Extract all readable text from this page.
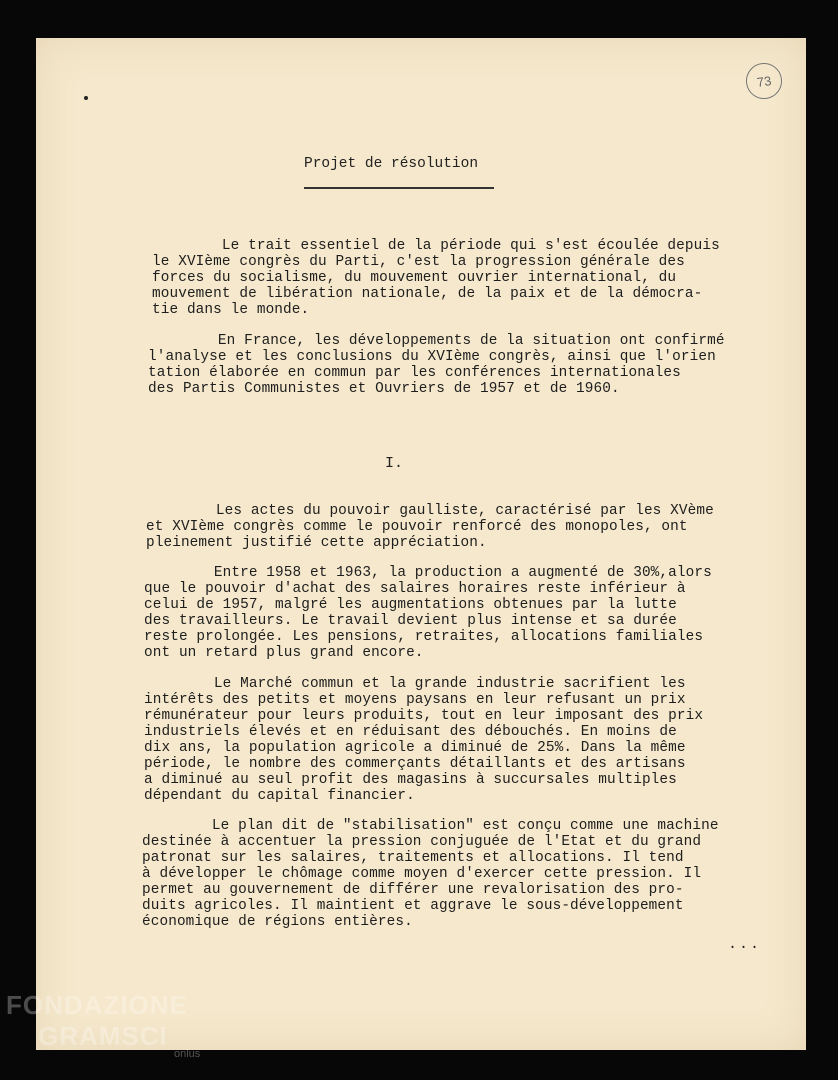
73
Projet de résolution
Le trait essentiel de la période qui s'est écoulée depuis
le XVIème congrès du Parti, c'est la progression générale des
forces du socialisme, du mouvement ouvrier international, du
mouvement de libération nationale, de la paix et de la démocra-
tie dans le monde.
En France, les développements de la situation ont confirmé
l'analyse et les conclusions du XVIème congrès, ainsi que l'orien
tation élaborée en commun par les conférences internationales
des Partis Communistes et Ouvriers de 1957 et de 1960.
I.
Les actes du pouvoir gaulliste, caractérisé par les XVème
et XVIème congrès comme le pouvoir renforcé des monopoles, ont
pleinement justifié cette appréciation.
Entre 1958 et 1963, la production a augmenté de 30%,alors
que le pouvoir d'achat des salaires horaires reste inférieur à
celui de 1957, malgré les augmentations obtenues par la lutte
des travailleurs. Le travail devient plus intense et sa durée
reste prolongée. Les pensions, retraites, allocations familiales
ont un retard plus grand encore.
Le Marché commun et la grande industrie sacrifient les
intérêts des petits et moyens paysans en leur refusant un prix
rémunérateur pour leurs produits, tout en leur imposant des prix
industriels élevés et en réduisant des débouchés. En moins de
dix ans, la population agricole a diminué de 25%. Dans la même
période, le nombre des commerçants détaillants et des artisans
a diminué au seul profit des magasins à succursales multiples
dépendant du capital financier.
Le plan dit de "stabilisation" est conçu comme une machine
destinée à accentuer la pression conjuguée de l'Etat et du grand
patronat sur les salaires, traitements et allocations. Il tend
à développer le chômage comme moyen d'exercer cette pression. Il
permet au gouvernement de différer une revalorisation des pro-
duits agricoles. Il maintient et aggrave le sous-développement
économique de régions entières.
...
FONDAZIONE
GRAMSCI
onlus
